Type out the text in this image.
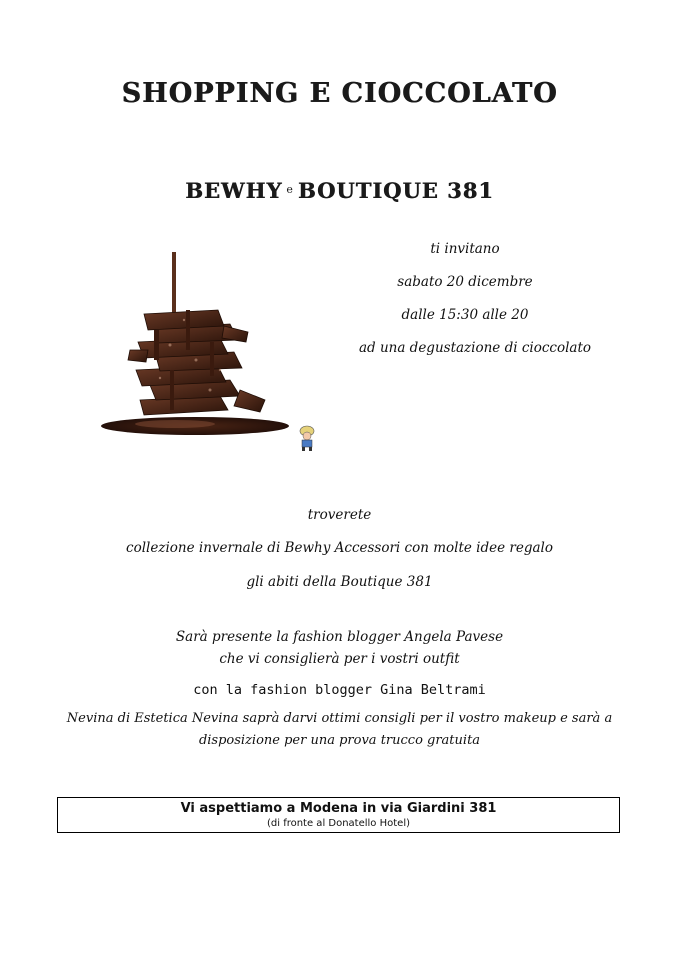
SHOPPING E CIOCCOLATO
BEWHY $^e$ BOUTIQUE 381
ti invitano
sabato 20 dicembre
dalle 15:30 alle 20
ad una degustazione di cioccolato
troverete
collezione invernale di Bewhy Accessori con molte idee regalo
gli abiti della Boutique 381
Sarà presente la fashion blogger Angela Pavese
che vi consiglierà per i vostri outfit
con la fashion blogger Gina Beltrami
Nevina di Estetica Nevina saprà darvi ottimi consigli per il vostro makeup e sarà a
disposizione per una prova trucco gratuita
Vi aspettiamo a Modena in via Giardini 381
(di fronte al Donatello Hotel)
